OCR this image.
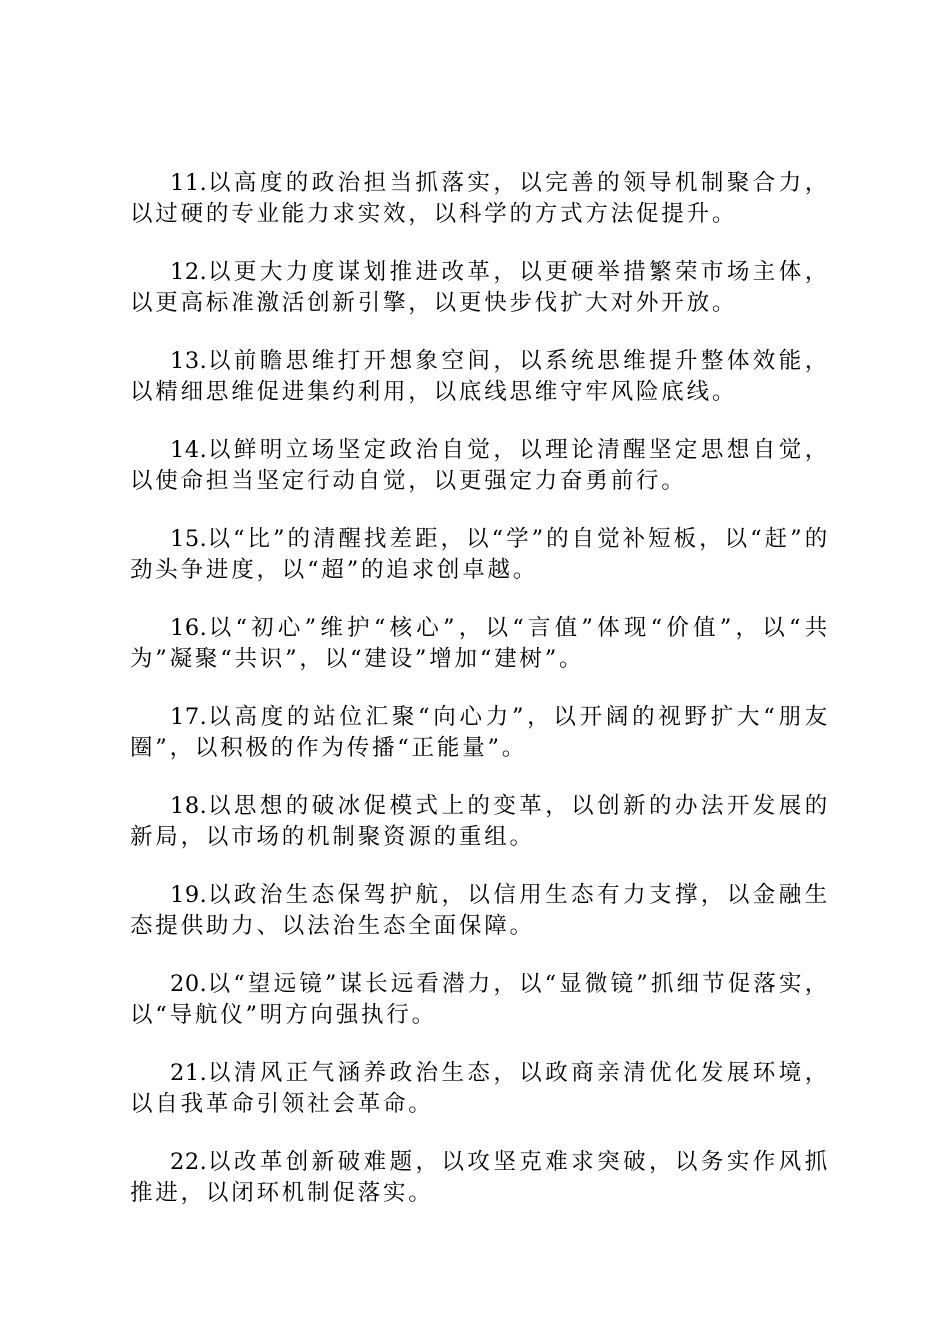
11.以高度的政治担当抓落实，以完善的领导机制聚合力，以过硬的专业能力求实效，以科学的方式方法促提升。

12.以更大力度谋划推进改革，以更硬举措繁荣市场主体，以更高标准激活创新引擎，以更快步伐扩大对外开放。

13.以前瞻思维打开想象空间，以系统思维提升整体效能，以精细思维促进集约利用，以底线思维守牢风险底线。

14.以鲜明立场坚定政治自觉，以理论清醒坚定思想自觉，以使命担当坚定行动自觉，以更强定力奋勇前行。

15.以“比”的清醒找差距，以“学”的自觉补短板，以“赶”的劲头争进度，以“超”的追求创卓越。

16.以“初心”维护“核心”，以“言值”体现“价值”，以“共为”凝聚“共识”，以“建设”增加“建树”。

17.以高度的站位汇聚“向心力”，以开阔的视野扩大“朋友圈”，以积极的作为传播“正能量”。

18.以思想的破冰促模式上的变革，以创新的办法开发展的新局，以市场的机制聚资源的重组。

19.以政治生态保驾护航，以信用生态有力支撑，以金融生态提供助力、以法治生态全面保障。

20.以“望远镜”谋长远看潜力，以“显微镜”抓细节促落实，以“导航仪”明方向强执行。

21.以清风正气涵养政治生态，以政商亲清优化发展环境，以自我革命引领社会革命。

22.以改革创新破难题，以攻坚克难求突破，以务实作风抓推进，以闭环机制促落实。
